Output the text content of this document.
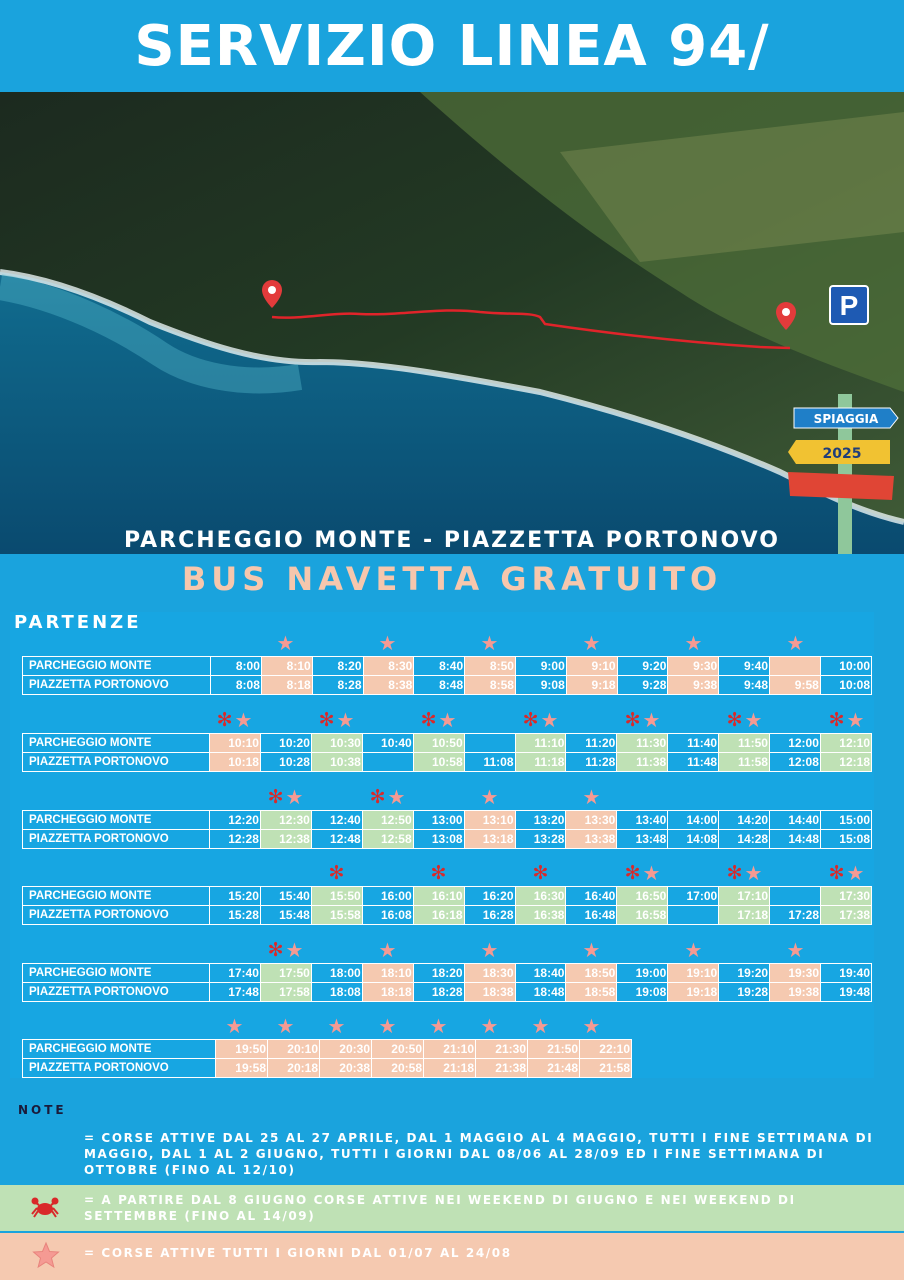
SERVIZIO LINEA 94/
P
SPIAGGIA
2025
PARCHEGGIO MONTE - PIAZZETTA PORTONOVO
BUS NAVETTA GRATUITO
PARTENZE
★	★	★	★	★	★
PARCHEGGIO MONTE	8:00	8:10	8:20	8:30	8:40	8:50	9:00	9:10	9:20	9:30	9:40		10:00
PIAZZETTA PORTONOVO	8:08	8:18	8:28	8:38	8:48	8:58	9:08	9:18	9:28	9:38	9:48	9:58	10:08
✻ ★	✻ ★	✻ ★	✻ ★	✻ ★	✻ ★	✻ ★
PARCHEGGIO MONTE	10:10	10:20	10:30	10:40	10:50		11:10	11:20	11:30	11:40	11:50	12:00	12:10
PIAZZETTA PORTONOVO	10:18	10:28	10:38		10:58	11:08	11:18	11:28	11:38	11:48	11:58	12:08	12:18
✻ ★	✻ ★	★	★
PARCHEGGIO MONTE	12:20	12:30	12:40	12:50	13:00	13:10	13:20	13:30	13:40	14:00	14:20	14:40	15:00
PIAZZETTA PORTONOVO	12:28	12:38	12:48	12:58	13:08	13:18	13:28	13:38	13:48	14:08	14:28	14:48	15:08
✻	✻	✻	✻ ★	✻ ★	✻ ★
PARCHEGGIO MONTE	15:20	15:40	15:50	16:00	16:10	16:20	16:30	16:40	16:50	17:00	17:10		17:30
PIAZZETTA PORTONOVO	15:28	15:48	15:58	16:08	16:18	16:28	16:38	16:48	16:58		17:18	17:28	17:38
✻ ★	★	★	★	★	★
PARCHEGGIO MONTE	17:40	17:50	18:00	18:10	18:20	18:30	18:40	18:50	19:00	19:10	19:20	19:30	19:40
PIAZZETTA PORTONOVO	17:48	17:58	18:08	18:18	18:28	18:38	18:48	18:58	19:08	19:18	19:28	19:38	19:48
★ ★ ★ ★ ★ ★ ★ ★
PARCHEGGIO MONTE	19:50	20:10	20:30	20:50	21:10	21:30	21:50	22:10
PIAZZETTA PORTONOVO	19:58	20:18	20:38	20:58	21:18	21:38	21:48	21:58
NOTE
= CORSE ATTIVE DAL 25 AL 27 APRILE, DAL 1 MAGGIO AL 4 MAGGIO, TUTTI I FINE SETTIMANA DI MAGGIO, DAL 1 AL 2 GIUGNO, TUTTI I GIORNI DAL 08/06 AL 28/09 ED I FINE SETTIMANA DI OTTOBRE (FINO AL 12/10)
= A PARTIRE DAL 8 GIUGNO CORSE ATTIVE NEI WEEKEND DI GIUGNO E NEI WEEKEND DI SETTEMBRE (FINO AL 14/09)
= CORSE ATTIVE TUTTI I GIORNI DAL 01/07 AL 24/08
